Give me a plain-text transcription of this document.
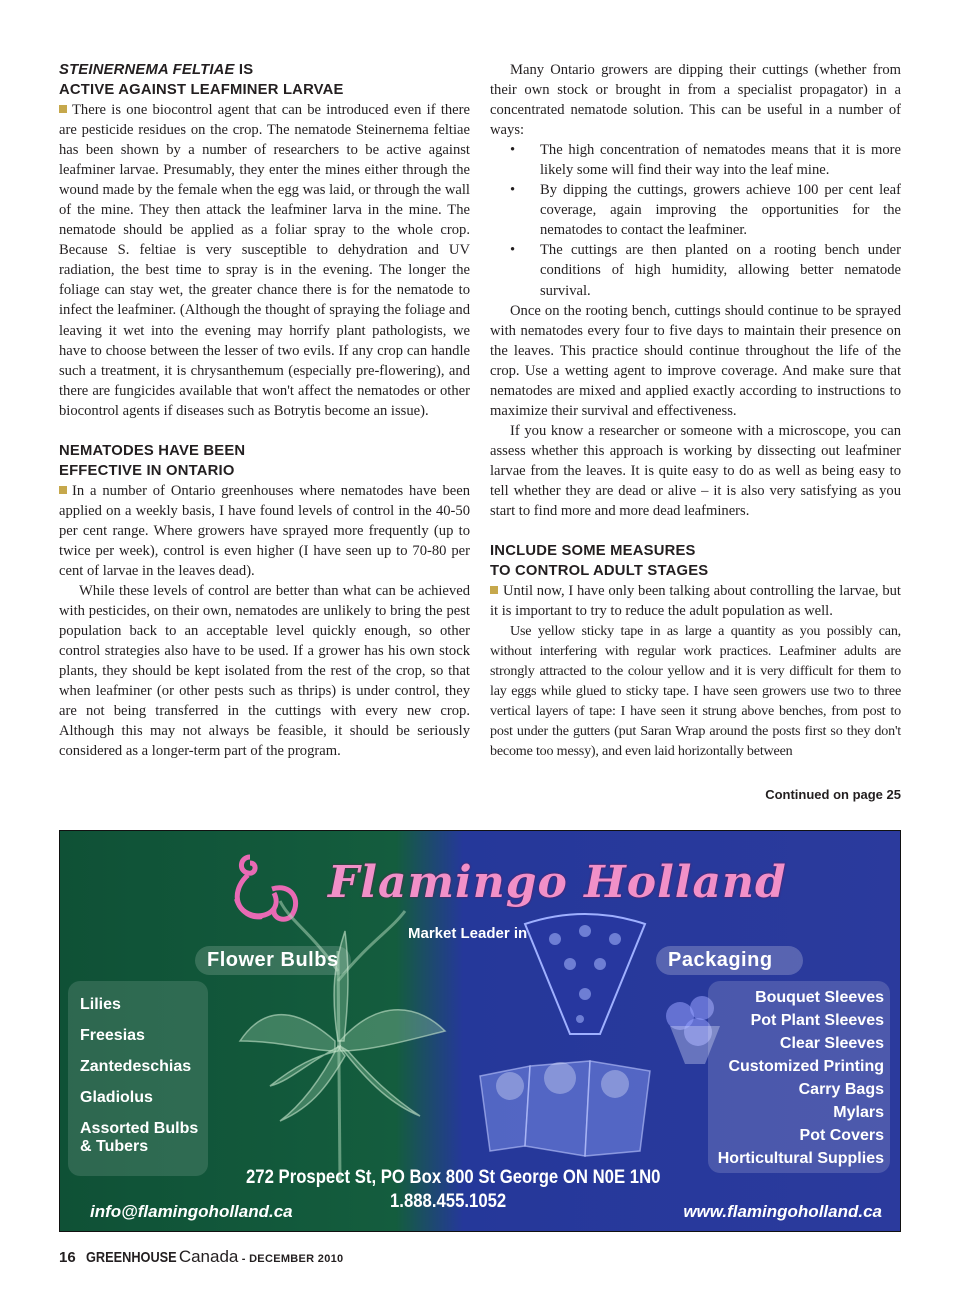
STEINERNEMA FELTIAE IS
ACTIVE AGAINST LEAFMINER LARVAE

There is one biocontrol agent that can be introduced even if there are pesticide residues on the crop. The nematode Steinernema feltiae has been shown by a number of researchers to be active against leafminer larvae. Presumably, they enter the mines either through the wound made by the female when the egg was laid, or through the wall of the mine. They then attack the leafminer larva in the mine. The nematode should be applied as a foliar spray to the whole crop. Because S. feltiae is very susceptible to dehydration and UV radiation, the best time to spray is in the evening. The longer the foliage can stay wet, the greater chance there is for the nematode to infect the leafminer. (Although the thought of spraying the foliage and leaving it wet into the evening may horrify plant pathologists, we have to choose between the lesser of two evils. If any crop can handle such a treatment, it is chrysanthemum (especially pre-flowering), and there are fungicides available that won't affect the nematodes or other biocontrol agents if diseases such as Botrytis become an issue).

NEMATODES HAVE BEEN
EFFECTIVE IN ONTARIO

In a number of Ontario greenhouses where nematodes have been applied on a weekly basis, I have found levels of control in the 40-50 per cent range. Where growers have sprayed more frequently (up to twice per week), control is even higher (I have seen up to 70-80 per cent of larvae in the leaves dead).

While these levels of control are better than what can be achieved with pesticides, on their own, nematodes are unlikely to bring the pest population back to an acceptable level quickly enough, so other control strategies also have to be used. If a grower has his own stock plants, they should be kept isolated from the rest of the crop, so that when leafminer (or other pests such as thrips) is under control, they are not being transferred in the cuttings with every new crop. Although this may not always be feasible, it should be seriously considered as a longer-term part of the program.

Many Ontario growers are dipping their cuttings (whether from their own stock or brought in from a specialist propagator) in a concentrated nematode solution. This can be useful in a number of ways:

• The high concentration of nematodes means that it is more likely some will find their way into the leaf mine.
• By dipping the cuttings, growers achieve 100 per cent leaf coverage, again improving the opportunities for the nematodes to contact the leafminer.
• The cuttings are then planted on a rooting bench under conditions of high humidity, allowing better nematode survival.

Once on the rooting bench, cuttings should continue to be sprayed with nematodes every four to five days to maintain their presence on the leaves. This practice should continue throughout the life of the crop. Use a wetting agent to improve coverage. And make sure that nematodes are mixed and applied exactly according to instructions to maximize their survival and effectiveness.

If you know a researcher or someone with a microscope, you can assess whether this approach is working by dissecting out leafminer larvae from the leaves. It is quite easy to do as well as being easy to tell whether they are dead or alive – it is also very satisfying as you start to find more and more dead leafminers.

INCLUDE SOME MEASURES
TO CONTROL ADULT STAGES

Until now, I have only been talking about controlling the larvae, but it is important to try to reduce the adult population as well.

Use yellow sticky tape in as large a quantity as you possibly can, without interfering with regular work practices. Leafminer adults are strongly attracted to the colour yellow and it is very difficult for them to lay eggs while glued to sticky tape. I have seen growers use two to three vertical layers of tape: I have seen it strung above benches, from post to post under the gutters (put Saran Wrap around the posts first so they don't become too messy), and even laid horizontally between

Continued on page 25
Flamingo Holland
Market Leader in
Flower Bulbs	Packaging
Lilies
Freesias
Zantedeschias
Gladiolus
Assorted Bulbs
& Tubers
Bouquet Sleeves
Pot Plant Sleeves
Clear Sleeves
Customized Printing
Carry Bags
Mylars
Pot Covers
Horticultural Supplies
272 Prospect St, PO Box 800 St George ON N0E 1N0
1.888.455.1052
info@flamingoholland.ca	www.flamingoholland.ca
16 GREENHOUSE Canada - DECEMBER 2010
